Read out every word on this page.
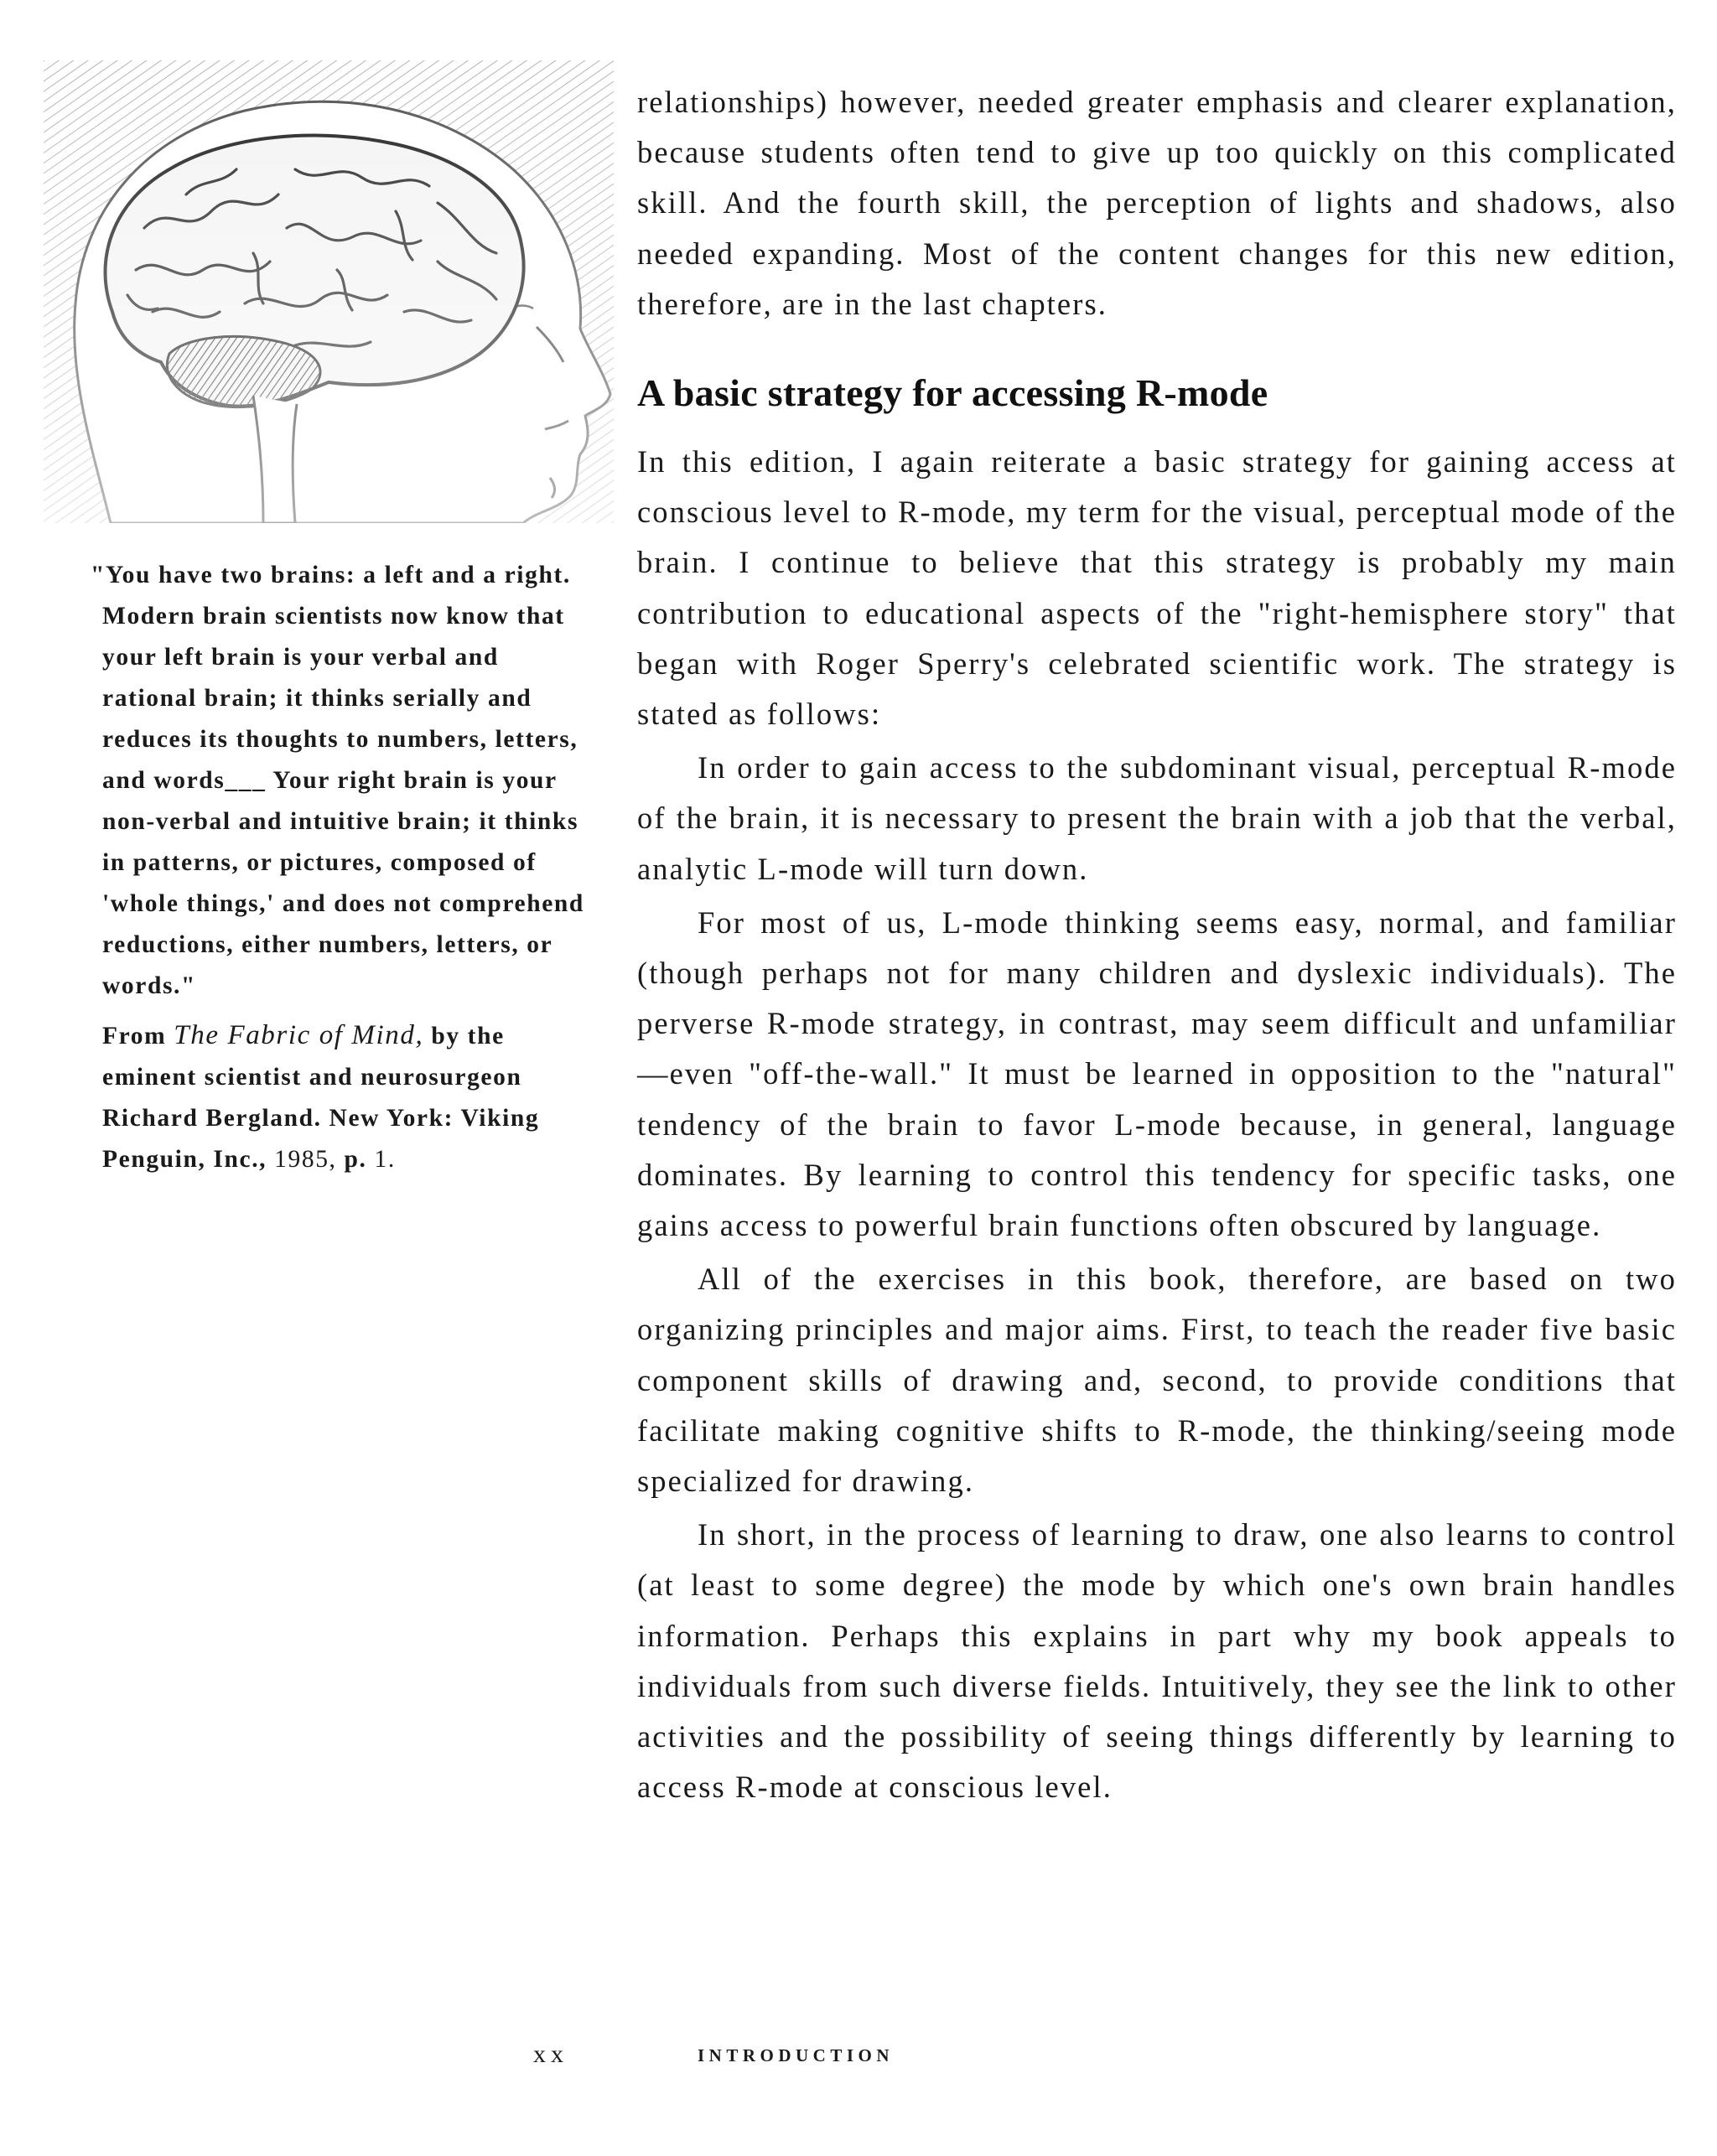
"You have two brains: a left and a right. Modern brain scientists now know that your left brain is your verbal and rational brain; it thinks serially and reduces its thoughts to numbers, letters, and words___ Your right brain is your non-verbal and intuitive brain; it thinks in patterns, or pictures, composed of 'whole things,' and does not comprehend reductions, either numbers, letters, or words."

From The Fabric of Mind, by the eminent scientist and neurosurgeon Richard Bergland. New York: Viking Penguin, Inc., 1985, p. 1.

relationships) however, needed greater emphasis and clearer explanation, because students often tend to give up too quickly on this complicated skill. And the fourth skill, the perception of lights and shadows, also needed expanding. Most of the content changes for this new edition, therefore, are in the last chapters.

A basic strategy for accessing R-mode

In this edition, I again reiterate a basic strategy for gaining access at conscious level to R-mode, my term for the visual, perceptual mode of the brain. I continue to believe that this strategy is probably my main contribution to educational aspects of the "right-hemisphere story" that began with Roger Sperry's celebrated scientific work. The strategy is stated as follows:

In order to gain access to the subdominant visual, perceptual R-mode of the brain, it is necessary to present the brain with a job that the verbal, analytic L-mode will turn down.

For most of us, L-mode thinking seems easy, normal, and familiar (though perhaps not for many children and dyslexic individuals). The perverse R-mode strategy, in contrast, may seem difficult and unfamiliar—even "off-the-wall." It must be learned in opposition to the "natural" tendency of the brain to favor L-mode because, in general, language dominates. By learning to control this tendency for specific tasks, one gains access to powerful brain functions often obscured by language.

All of the exercises in this book, therefore, are based on two organizing principles and major aims. First, to teach the reader five basic component skills of drawing and, second, to provide conditions that facilitate making cognitive shifts to R-mode, the thinking/seeing mode specialized for drawing.

In short, in the process of learning to draw, one also learns to control (at least to some degree) the mode by which one's own brain handles information. Perhaps this explains in part why my book appeals to individuals from such diverse fields. Intuitively, they see the link to other activities and the possibility of seeing things differently by learning to access R-mode at conscious level.

xx	INTRODUCTION
